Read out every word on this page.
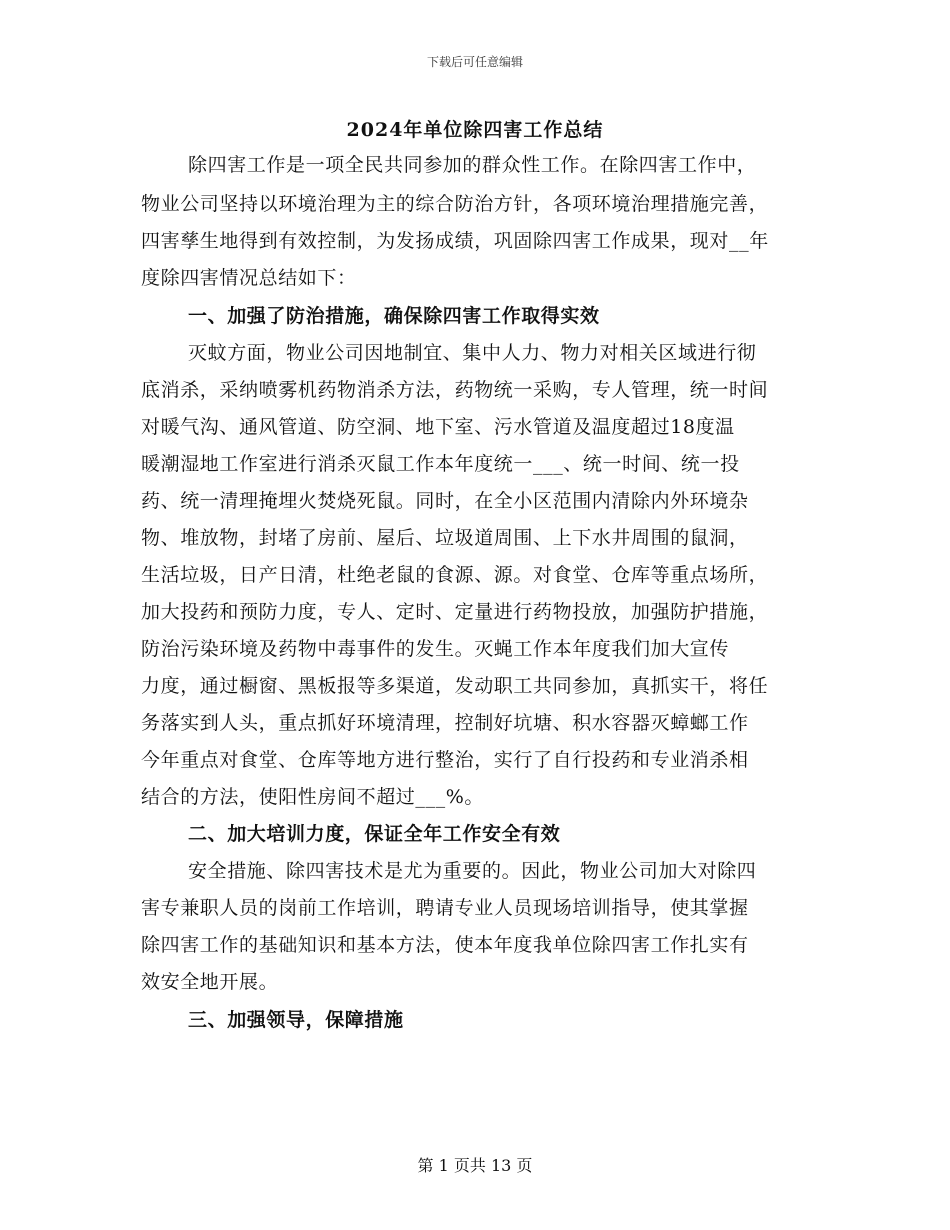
下载后可任意编辑
2024年单位除四害工作总结
除四害工作是一项全民共同参加的群众性工作。在除四害工作中，
物业公司坚持以环境治理为主的综合防治方针，各项环境治理措施完善，
四害孳生地得到有效控制，为发扬成绩，巩固除四害工作成果，现对__年
度除四害情况总结如下：
一、加强了防治措施，确保除四害工作取得实效
灭蚊方面，物业公司因地制宜、集中人力、物力对相关区域进行彻
底消杀，采纳喷雾机药物消杀方法，药物统一采购，专人管理，统一时间
对暖气沟、通风管道、防空洞、地下室、污水管道及温度超过18度温
暖潮湿地工作室进行消杀灭鼠工作本年度统一___、统一时间、统一投
药、统一清理掩埋火焚烧死鼠。同时，在全小区范围内清除内外环境杂
物、堆放物，封堵了房前、屋后、垃圾道周围、上下水井周围的鼠洞，
生活垃圾，日产日清，杜绝老鼠的食源、源。对食堂、仓库等重点场所，
加大投药和预防力度，专人、定时、定量进行药物投放，加强防护措施，
防治污染环境及药物中毒事件的发生。灭蝇工作本年度我们加大宣传
力度，通过橱窗、黑板报等多渠道，发动职工共同参加，真抓实干，将任
务落实到人头，重点抓好环境清理，控制好坑塘、积水容器灭蟑螂工作
今年重点对食堂、仓库等地方进行整治，实行了自行投药和专业消杀相
结合的方法，使阳性房间不超过___%。
二、加大培训力度，保证全年工作安全有效
安全措施、除四害技术是尤为重要的。因此，物业公司加大对除四
害专兼职人员的岗前工作培训，聘请专业人员现场培训指导，使其掌握
除四害工作的基础知识和基本方法，使本年度我单位除四害工作扎实有
效安全地开展。
三、加强领导，保障措施
第 1 页共 13 页
